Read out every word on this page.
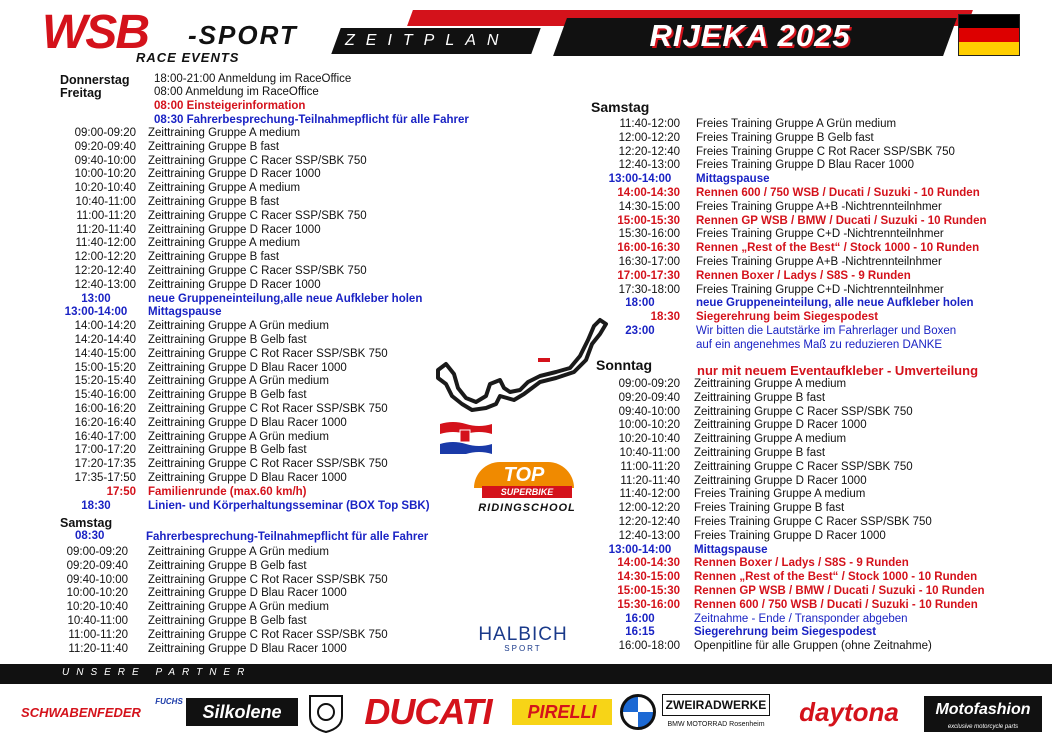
WSB -SPORT
RACE EVENTS
ZEITPLAN	RIJEKA 2025
Donnerstag 18:00-21:00 Anmeldung im RaceOffice
Freitag	08:00 Anmeldung im RaceOffice
08:00 Einsteigerinformation
08:30 Fahrerbesprechung-Teilnahmepflicht für alle Fahrer
09:00-09:20 Zeittraining Gruppe A medium
09:20-09:40 Zeittraining Gruppe B fast
09:40-10:00 Zeittraining Gruppe C Racer SSP/SBK 750
10:00-10:20 Zeittraining Gruppe D Racer 1000
10:20-10:40 Zeittraining Gruppe A medium
10:40-11:00 Zeittraining Gruppe B fast
11:00-11:20 Zeittraining Gruppe C Racer SSP/SBK 750
11:20-11:40 Zeittraining Gruppe D Racer 1000
11:40-12:00 Zeittraining Gruppe A medium
12:00-12:20 Zeittraining Gruppe B fast
12:20-12:40 Zeittraining Gruppe C Racer SSP/SBK 750
12:40-13:00 Zeittraining Gruppe D Racer 1000
13:00	neue Gruppeneinteilung,alle neue Aufkleber holen
13:00-14:00	Mittagspause
14:00-14:20 Zeittraining Gruppe A Grün medium
14:20-14:40 Zeittraining Gruppe B Gelb fast
14:40-15:00 Zeittraining Gruppe C Rot Racer SSP/SBK 750
15:00-15:20 Zeittraining Gruppe D Blau Racer 1000
15:20-15:40 Zeittraining Gruppe A Grün medium
15:40-16:00 Zeittraining Gruppe B Gelb fast
16:00-16:20 Zeittraining Gruppe C Rot Racer SSP/SBK 750
16:20-16:40 Zeittraining Gruppe D Blau Racer 1000
16:40-17:00 Zeittraining Gruppe A Grün medium
17:00-17:20 Zeittraining Gruppe B Gelb fast
17:20-17:35 Zeittraining Gruppe C Rot Racer SSP/SBK 750
17:35-17:50 Zeittraining Gruppe D Blau Racer 1000
17:50 Familienrunde (max.60 km/h)
18:30	Linien- und Körperhaltungsseminar (BOX Top SBK)
Samstag
08:30	Fahrerbesprechung-Teilnahmepflicht für alle Fahrer
09:00-09:20 Zeittraining Gruppe A Grün medium
09:20-09:40 Zeittraining Gruppe B Gelb fast
09:40-10:00 Zeittraining Gruppe C Rot Racer SSP/SBK 750
10:00-10:20 Zeittraining Gruppe D Blau Racer 1000
10:20-10:40 Zeittraining Gruppe A Grün medium
10:40-11:00 Zeittraining Gruppe B Gelb fast
11:00-11:20 Zeittraining Gruppe C Rot Racer SSP/SBK 750
11:20-11:40 Zeittraining Gruppe D Blau Racer 1000
Samstag
11:40-12:00 Freies Training Gruppe A Grün medium
12:00-12:20 Freies Training Gruppe B Gelb fast
12:20-12:40 Freies Training Gruppe C Rot Racer SSP/SBK 750
12:40-13:00 Freies Training Gruppe D Blau Racer 1000
13:00-14:00	Mittagspause
14:00-14:30 Rennen 600 / 750 WSB / Ducati / Suzuki - 10 Runden
14:30-15:00 Freies Training Gruppe A+B -Nichtrennteilnhmer
15:00-15:30 Rennen GP WSB / BMW / Ducati / Suzuki - 10 Runden
15:30-16:00 Freies Training Gruppe C+D -Nichtrennteilnhmer
16:00-16:30 Rennen „Rest of the Best“ / Stock 1000 - 10 Runden
16:30-17:00 Freies Training Gruppe A+B -Nichtrennteilnhmer
17:00-17:30 Rennen Boxer / Ladys / S8S - 9 Runden
17:30-18:00 Freies Training Gruppe C+D -Nichtrennteilnhmer
18:00	neue Gruppeneinteilung, alle neue Aufkleber holen
18:30 Siegerehrung beim Siegespodest
23:00	Wir bitten die Lautstärke im Fahrerlager und Boxen
auf ein angenehmes Maß zu reduzieren DANKE
Sonntag	nur mit neuem Eventaufkleber - Umverteilung
09:00-09:20 Zeittraining Gruppe A medium
09:20-09:40 Zeittraining Gruppe B fast
09:40-10:00 Zeittraining Gruppe C Racer SSP/SBK 750
10:00-10:20 Zeittraining Gruppe D Racer 1000
10:20-10:40 Zeittraining Gruppe A medium
10:40-11:00 Zeittraining Gruppe B fast
11:00-11:20 Zeittraining Gruppe C Racer SSP/SBK 750
11:20-11:40 Zeittraining Gruppe D Racer 1000
11:40-12:00 Freies Training Gruppe A medium
12:00-12:20 Freies Training Gruppe B fast
12:20-12:40 Freies Training Gruppe C Racer SSP/SBK 750
12:40-13:00 Freies Training Gruppe D Racer 1000
13:00-14:00	Mittagspause
14:00-14:30 Rennen Boxer / Ladys / S8S - 9 Runden
14:30-15:00 Rennen „Rest of the Best“ / Stock 1000 - 10 Runden
15:00-15:30 Rennen GP WSB / BMW / Ducati / Suzuki - 10 Runden
15:30-16:00 Rennen 600 / 750 WSB / Ducati / Suzuki - 10 Runden
16:00	Zeitnahme - Ende / Transponder abgeben
16:15	Siegerehrung beim Siegespodest
16:00-18:00 Openpitline für alle Gruppen (ohne Zeitnahme)
TOP
SUPERBIKE
RIDINGSCHOOL
HALBICH
SPORT
UNSERE PARTNER
SCHWABENFEDER
FUCHS
Silkolene	DUCATI	PIRELLI	ZWEIRADWERKE
BMW MOTORRAD Rosenheim	daytona	Motofashion
exclusive motorcycle parts
